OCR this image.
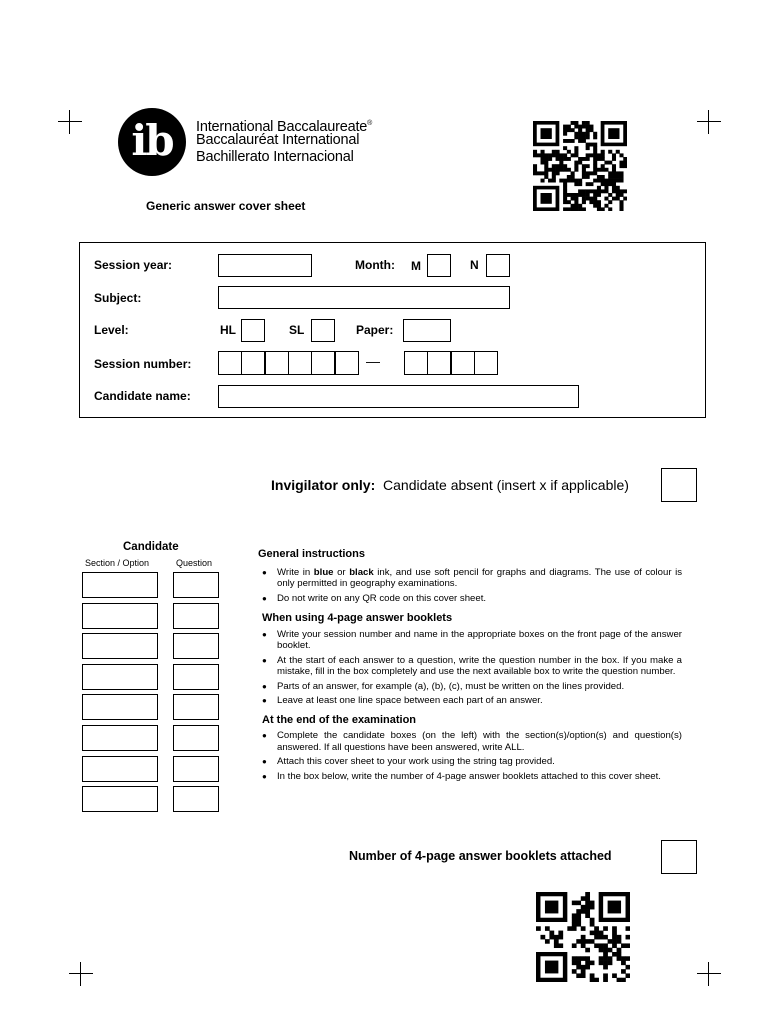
ib	International Baccalaureate®
Baccalauréat International
Bachillerato Internacional
Generic answer cover sheet
Session year:	Month: M	N
Subject:
Level:	HL	SL	Paper:
Session number:	—
Candidate name:
Invigilator only: Candidate absent (insert x if applicable)
Candidate
Section / Option	Question
General instructions
● Write in blue or black ink, and use soft pencil for graphs and diagrams. The use of colour is only permitted in geography examinations.
● Do not write on any QR code on this cover sheet.
When using 4-page answer booklets
● Write your session number and name in the appropriate boxes on the front page of the answer booklet.
● At the start of each answer to a question, write the question number in the box. If you make a mistake, fill in the box completely and use the next available box to write the question number.
● Parts of an answer, for example (a), (b), (c), must be written on the lines provided.
● Leave at least one line space between each part of an answer.
At the end of the examination
● Complete the candidate boxes (on the left) with the section(s)/option(s) and question(s) answered. If all questions have been answered, write ALL.
● Attach this cover sheet to your work using the string tag provided.
● In the box below, write the number of 4-page answer booklets attached to this cover sheet.
Number of 4-page answer booklets attached
